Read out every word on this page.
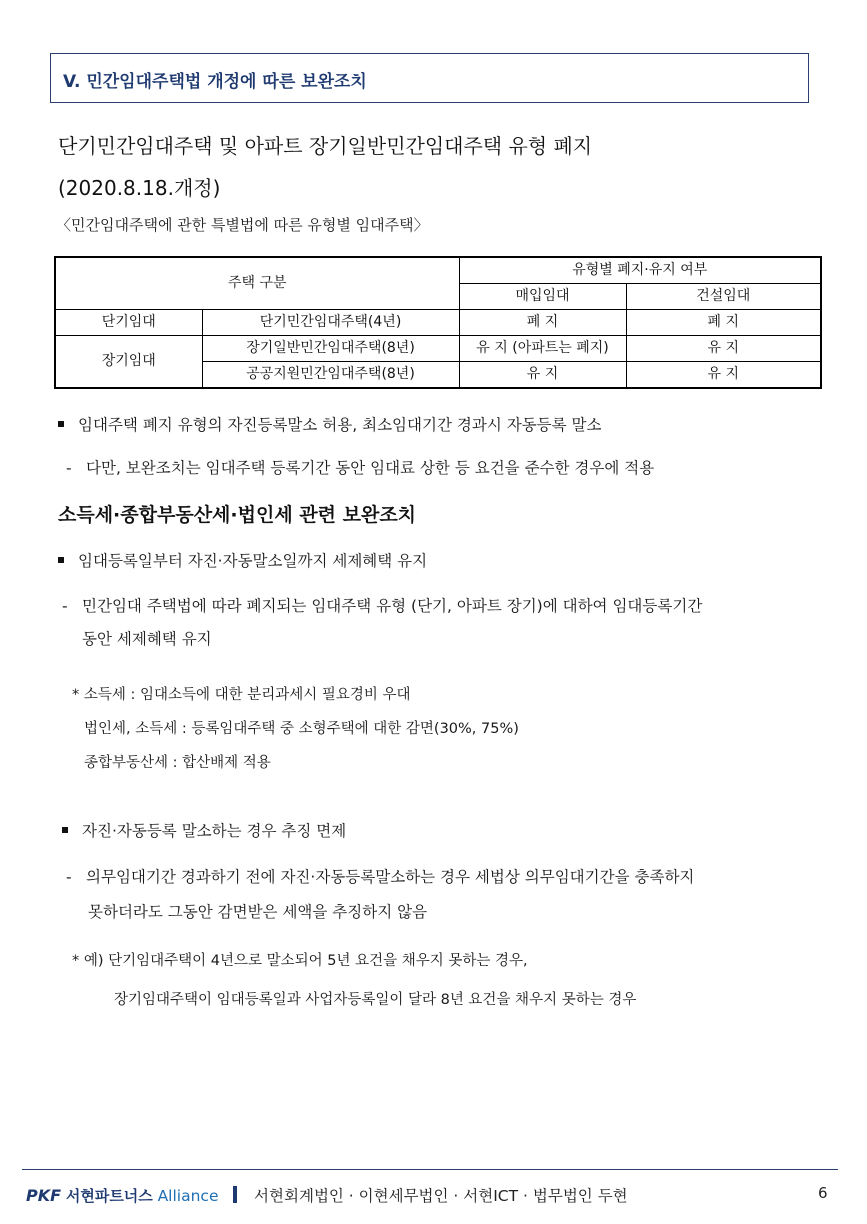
V. 민간임대주택법 개정에 따른 보완조치
단기민간임대주택 및 아파트 장기일반민간임대주택 유형 폐지
(2020.8.18.개정)
〈민간임대주택에 관한 특별법에 따른 유형별 임대주택〉
주택 구분		유형별 폐지·유지 여부	
		매입임대	건설임대
단기임대	단기민간임대주택(4년)	폐 지	폐 지
장기임대	장기일반민간임대주택(8년)	유 지 (아파트는 폐지)	유 지
	공공지원민간임대주택(8년)	유 지	유 지
임대주택 폐지 유형의 자진등록말소 허용, 최소임대기간 경과시 자동등록 말소
- 다만, 보완조치는 임대주택 등록기간 동안 임대료 상한 등 요건을 준수한 경우에 적용
소득세·종합부동산세·법인세 관련 보완조치
임대등록일부터 자진·자동말소일까지 세제혜택 유지
- 민간임대 주택법에 따라 폐지되는 임대주택 유형 (단기, 아파트 장기)에 대하여 임대등록기간
동안 세제혜택 유지
* 소득세 : 임대소득에 대한 분리과세시 필요경비 우대
법인세, 소득세 : 등록임대주택 중 소형주택에 대한 감면(30%, 75%)
종합부동산세 : 합산배제 적용
자진·자동등록 말소하는 경우 추징 면제
- 의무임대기간 경과하기 전에 자진·자동등록말소하는 경우 세법상 의무임대기간을 충족하지
못하더라도 그동안 감면받은 세액을 추징하지 않음
* 예) 단기임대주택이 4년으로 말소되어 5년 요건을 채우지 못하는 경우,
장기임대주택이 임대등록일과 사업자등록일이 달라 8년 요건을 채우지 못하는 경우
PKF 서현파트너스 Alliance 서현회계법인 · 이현세무법인 · 서현ICT · 법무법인 두현	6
